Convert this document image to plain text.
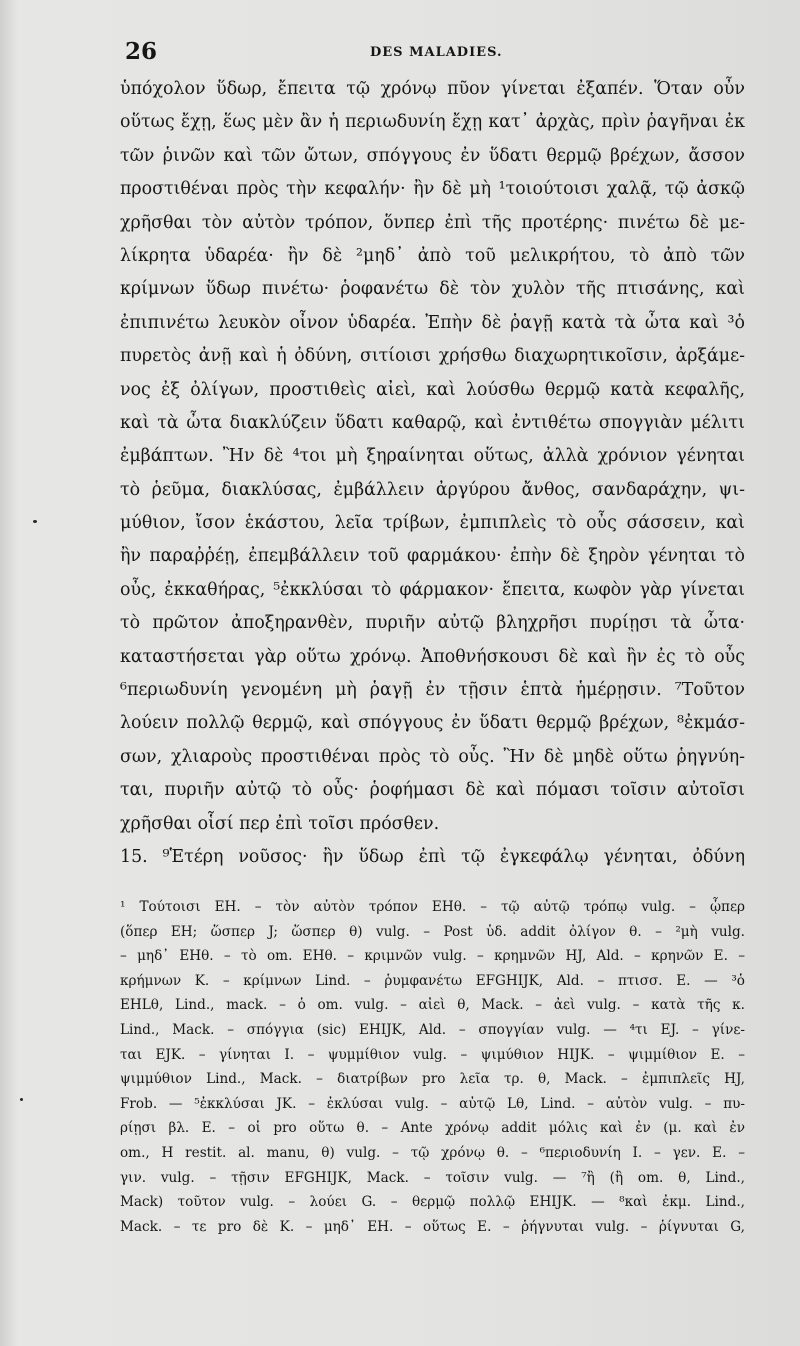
26	DES MALADIES.
ὑπόχολον ὕδωρ, ἔπειτα τῷ χρόνῳ πῦον γίνεται ἐξαπέν. Ὅταν οὖν
οὕτως ἔχῃ, ἕως μὲν ἂν ἡ περιωδυνίη ἔχῃ κατ᾽ ἀρχὰς, πρὶν ῥαγῆναι ἐκ
τῶν ῥινῶν καὶ τῶν ὤτων, σπόγγους ἐν ὕδατι θερμῷ βρέχων, ἄσσον
προστιθέναι πρὸς τὴν κεφαλήν· ἢν δὲ μὴ ¹τοιούτοισι χαλᾷ, τῷ ἀσκῷ
χρῆσθαι τὸν αὐτὸν τρόπον, ὅνπερ ἐπὶ τῆς προτέρης· πινέτω δὲ με-
λίκρητα ὑδαρέα· ἢν δὲ ²μηδ᾽ ἀπὸ τοῦ μελικρήτου, τὸ ἀπὸ τῶν
κρίμνων ὕδωρ πινέτω· ῥοφανέτω δὲ τὸν χυλὸν τῆς πτισάνης, καὶ
ἐπιπινέτω λευκὸν οἶνον ὑδαρέα. Ἐπὴν δὲ ῥαγῇ κατὰ τὰ ὦτα καὶ ³ὁ
πυρετὸς ἀνῇ καὶ ἡ ὀδύνη, σιτίοισι χρήσθω διαχωρητικοῖσιν, ἀρξάμε-
νος ἐξ ὀλίγων, προστιθεὶς αἰεὶ, καὶ λούσθω θερμῷ κατὰ κεφαλῆς,
καὶ τὰ ὦτα διακλύζειν ὕδατι καθαρῷ, καὶ ἐντιθέτω σπογγιὰν μέλιτι
ἐμβάπτων. Ἢν δὲ ⁴τοι μὴ ξηραίνηται οὕτως, ἀλλὰ χρόνιον γένηται
τὸ ῥεῦμα, διακλύσας, ἐμβάλλειν ἀργύρου ἄνθος, σανδαράχην, ψι-
μύθιον, ἴσον ἑκάστου, λεῖα τρίβων, ἐμπιπλεὶς τὸ οὖς σάσσειν, καὶ
ἢν παραῤῥέῃ, ἐπεμβάλλειν τοῦ φαρμάκου· ἐπὴν δὲ ξηρὸν γένηται τὸ
οὖς, ἐκκαθήρας, ⁵ἐκκλύσαι τὸ φάρμακον· ἔπειτα, κωφὸν γὰρ γίνεται
τὸ πρῶτον ἀποξηρανθὲν, πυριῆν αὐτῷ βληχρῆσι πυρίῃσι τὰ ὦτα·
καταστήσεται γὰρ οὕτω χρόνῳ. Ἀποθνήσκουσι δὲ καὶ ἢν ἐς τὸ οὖς
⁶περιωδυνίη γενομένη μὴ ῥαγῇ ἐν τῇσιν ἑπτὰ ἡμέρῃσιν. ⁷Τοῦτον
λούειν πολλῷ θερμῷ, καὶ σπόγγους ἐν ὕδατι θερμῷ βρέχων, ⁸ἐκμάσ-
σων, χλιαροὺς προστιθέναι πρὸς τὸ οὖς. Ἢν δὲ μηδὲ οὕτω ῥηγνύη-
ται, πυριῆν αὐτῷ τὸ οὖς· ῥοφήμασι δὲ καὶ πόμασι τοῖσιν αὐτοῖσι
χρῆσθαι οἷσί περ ἐπὶ τοῖσι πρόσθεν.
15. ⁹Ἑτέρη νοῦσος· ἢν ὕδωρ ἐπὶ τῷ ἐγκεφάλῳ γένηται, ὀδύνη
¹ Τούτοισι EH. – τὸν αὐτὸν τρόπον EHθ. – τῷ αὐτῷ τρόπῳ vulg. – ᾧπερ
(ὅπερ EH; ὥσπερ J; ὥσπερ θ) vulg. – Post ὑδ. addit ὀλίγον θ. – ²μὴ vulg.
– μηδ᾽ EHθ. – τὸ om. EHθ. – κριμνῶν vulg. – κρημνῶν HJ, Ald. – κρηνῶν E. –
κρήμνων K. – κρίμνων Lind. – ῥυμφανέτω EFGHIJK, Ald. – πτισσ. E. — ³ὁ
EHLθ, Lind., mack. – ὁ om. vulg. – αἰεὶ θ, Mack. – ἀεὶ vulg. – κατὰ τῆς κ.
Lind., Mack. – σπόγγια (sic) EHIJK, Ald. – σπογγίαν vulg. — ⁴τι EJ. – γίνε-
ται EJK. – γίνηται I. – ψυμμίθιον vulg. – ψιμύθιον HIJK. – ψιμμίθιον E. –
ψιμμύθιον Lind., Mack. – διατρίβων pro λεῖα τρ. θ, Mack. – ἐμπιπλεῖς HJ,
Frob. — ⁵ἐκκλύσαι JK. – ἐκλύσαι vulg. – αὐτῷ Lθ, Lind. – αὐτὸν vulg. – πυ-
ρίῃσι βλ. E. – οἱ pro οὕτω θ. – Ante χρόνῳ addit μόλις καὶ ἐν (μ. καὶ ἐν
om., H restit. al. manu, θ) vulg. – τῷ χρόνῳ θ. – ⁶περιοδυνίη I. – γεν. E. –
γιν. vulg. – τῇσιν EFGHIJK, Mack. – τοῖσιν vulg. — ⁷ἢ (ἢ om. θ, Lind.,
Mack) τοῦτον vulg. – λούει G. – θερμῷ πολλῷ EHIJK. — ⁸καὶ ἐκμ. Lind.,
Mack. – τε pro δὲ K. – μηδ᾽ EH. – οὕτως E. – ῥήγνυται vulg. – ῥίγνυται G,
